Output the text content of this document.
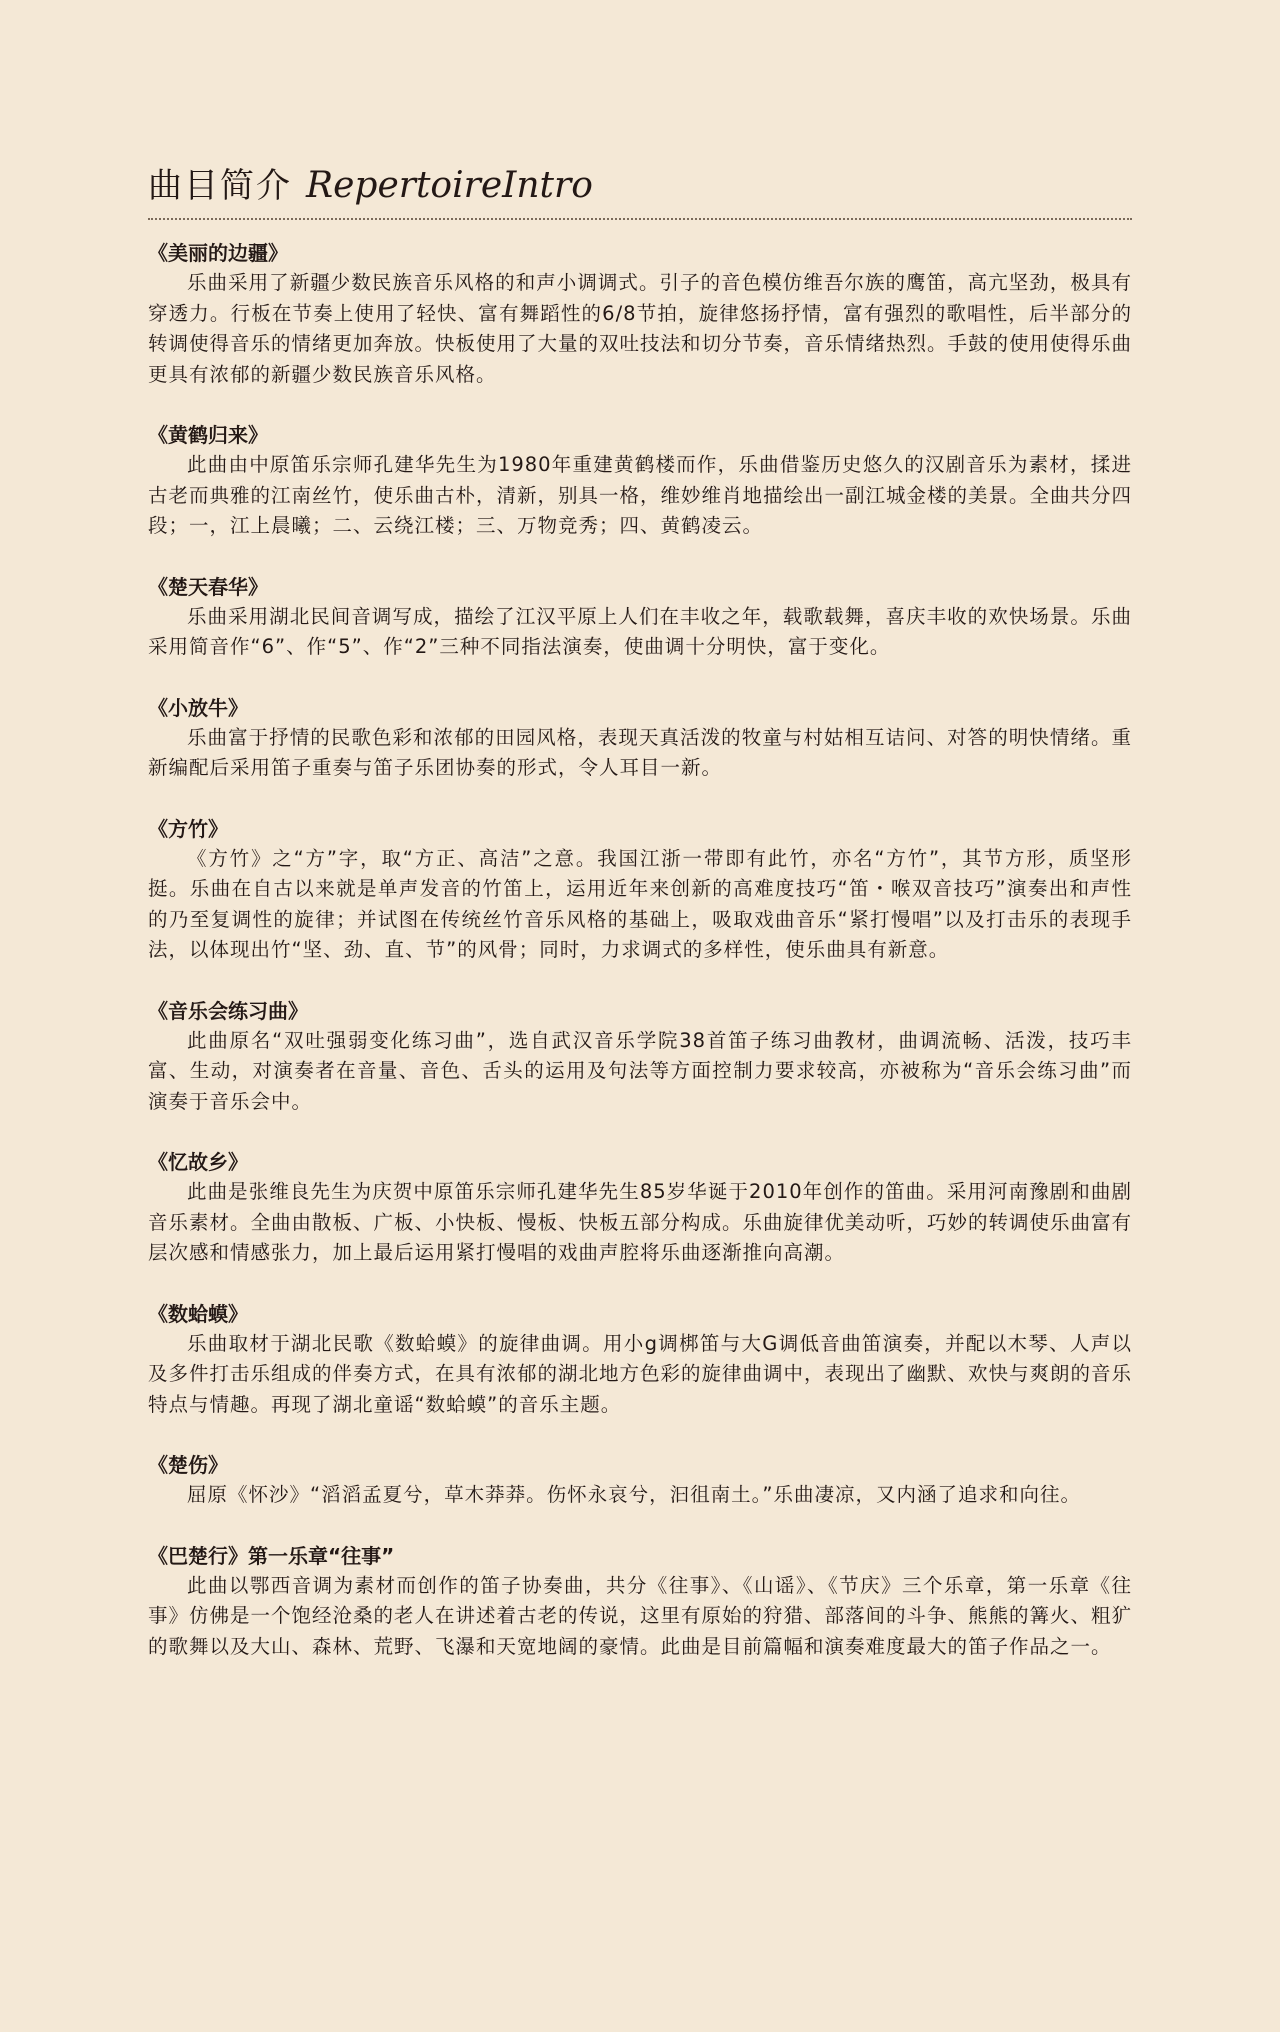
曲目简介 RepertoireIntro
《美丽的边疆》

乐曲采用了新疆少数民族音乐风格的和声小调调式。引子的音色模仿维吾尔族的鹰笛，高亢坚劲，极具有穿透力。行板在节奏上使用了轻快、富有舞蹈性的6/8节拍，旋律悠扬抒情，富有强烈的歌唱性，后半部分的转调使得音乐的情绪更加奔放。快板使用了大量的双吐技法和切分节奏，音乐情绪热烈。手鼓的使用使得乐曲更具有浓郁的新疆少数民族音乐风格。

《黄鹤归来》

此曲由中原笛乐宗师孔建华先生为1980年重建黄鹤楼而作，乐曲借鉴历史悠久的汉剧音乐为素材，揉进古老而典雅的江南丝竹，使乐曲古朴，清新，别具一格，维妙维肖地描绘出一副江城金楼的美景。全曲共分四段；一，江上晨曦；二、云绕江楼；三、万物竞秀；四、黄鹤凌云。

《楚天春华》

乐曲采用湖北民间音调写成，描绘了江汉平原上人们在丰收之年，载歌载舞，喜庆丰收的欢快场景。乐曲采用简音作“6”、作“5”、作“2”三种不同指法演奏，使曲调十分明快，富于变化。

《小放牛》

乐曲富于抒情的民歌色彩和浓郁的田园风格，表现天真活泼的牧童与村姑相互诘问、对答的明快情绪。重新编配后采用笛子重奏与笛子乐团协奏的形式，令人耳目一新。

《方竹》

《方竹》之“方”字，取“方正、高洁”之意。我国江浙一带即有此竹，亦名“方竹”，其节方形，质坚形挺。乐曲在自古以来就是单声发音的竹笛上，运用近年来创新的高难度技巧“笛・喉双音技巧”演奏出和声性的乃至复调性的旋律；并试图在传统丝竹音乐风格的基础上，吸取戏曲音乐“紧打慢唱”以及打击乐的表现手法，以体现出竹“坚、劲、直、节”的风骨；同时，力求调式的多样性，使乐曲具有新意。

《音乐会练习曲》

此曲原名“双吐强弱变化练习曲”，选自武汉音乐学院38首笛子练习曲教材，曲调流畅、活泼，技巧丰富、生动，对演奏者在音量、音色、舌头的运用及句法等方面控制力要求较高，亦被称为“音乐会练习曲”而演奏于音乐会中。

《忆故乡》

此曲是张维良先生为庆贺中原笛乐宗师孔建华先生85岁华诞于2010年创作的笛曲。采用河南豫剧和曲剧音乐素材。全曲由散板、广板、小快板、慢板、快板五部分构成。乐曲旋律优美动听，巧妙的转调使乐曲富有层次感和情感张力，加上最后运用紧打慢唱的戏曲声腔将乐曲逐渐推向高潮。

《数蛤蟆》

乐曲取材于湖北民歌《数蛤蟆》的旋律曲调。用小g调梆笛与大G调低音曲笛演奏，并配以木琴、人声以及多件打击乐组成的伴奏方式，在具有浓郁的湖北地方色彩的旋律曲调中，表现出了幽默、欢快与爽朗的音乐特点与情趣。再现了湖北童谣“数蛤蟆”的音乐主题。

《楚伤》

屈原《怀沙》“滔滔孟夏兮，草木莽莽。伤怀永哀兮，汩徂南土。”乐曲凄凉，又内涵了追求和向往。

《巴楚行》第一乐章“往事”

此曲以鄂西音调为素材而创作的笛子协奏曲，共分《往事》、《山谣》、《节庆》三个乐章，第一乐章《往事》仿佛是一个饱经沧桑的老人在讲述着古老的传说，这里有原始的狩猎、部落间的斗争、熊熊的篝火、粗犷的歌舞以及大山、森林、荒野、飞瀑和天宽地阔的豪情。此曲是目前篇幅和演奏难度最大的笛子作品之一。
